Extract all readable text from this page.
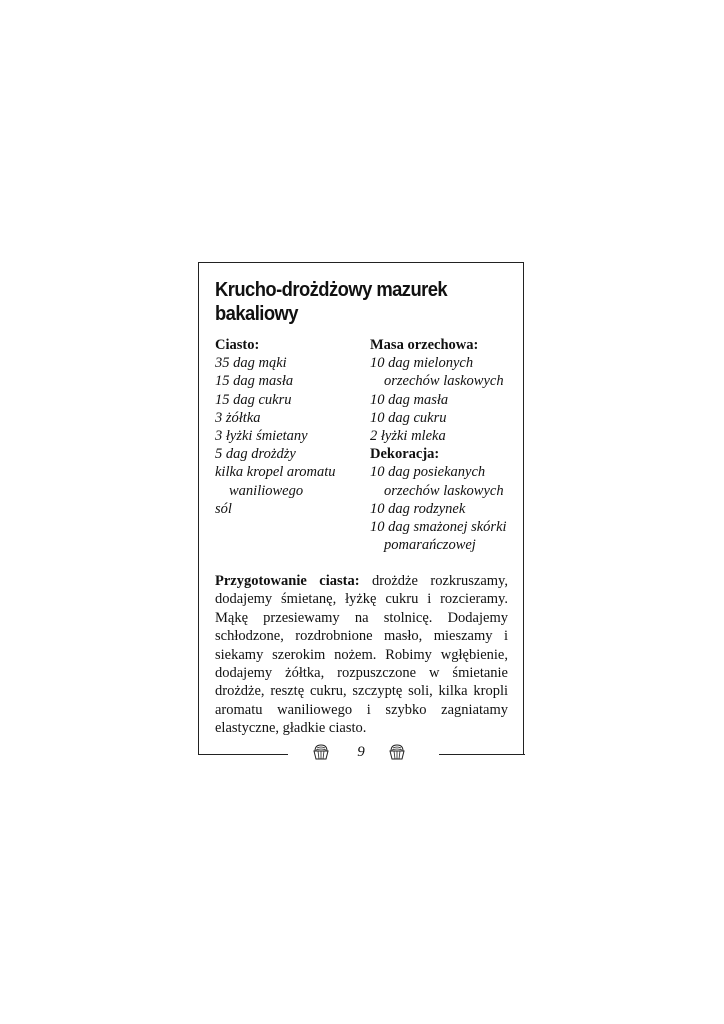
Krucho-drożdżowy mazurek
bakaliowy
Ciasto:
35 dag mąki
15 dag masła
15 dag cukru
3 żółtka
3 łyżki śmietany
5 dag drożdży
kilka kropel aromatu
waniliowego
sól
Masa orzechowa:
10 dag mielonych
orzechów laskowych
10 dag masła
10 dag cukru
2 łyżki mleka
Dekoracja:
10 dag posiekanych
orzechów laskowych
10 dag rodzynek
10 dag smażonej skórki
pomarańczowej
Przygotowanie ciasta: drożdże rozkruszamy, dodajemy śmietanę, łyżkę cukru i rozcieramy. Mąkę przesiewamy na stolnicę. Dodajemy schłodzone, rozdrobnione masło, mieszamy i siekamy szerokim nożem. Robimy wgłębienie, dodajemy żółtka, rozpuszczone w śmietanie drożdże, resztę cukru, szczyptę soli, kilka kropli aromatu waniliowego i szybko zagniatamy elastyczne, gładkie ciasto.
9
